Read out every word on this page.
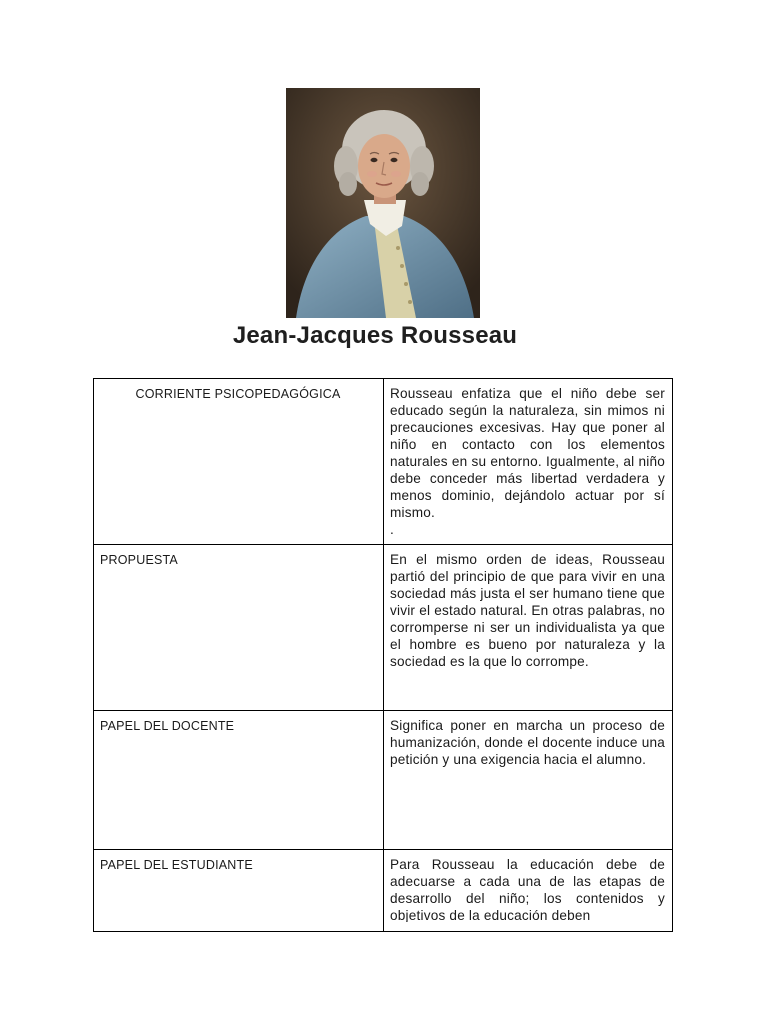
Jean-Jacques Rousseau
CORRIENTE PSICOPEDAGÓGICA	Rousseau enfatiza que el niño debe ser educado según la naturaleza, sin mimos ni precauciones excesivas. Hay que poner al niño en contacto con los elementos naturales en su entorno. Igualmente, al niño debe conceder más libertad verdadera y menos dominio, dejándolo actuar por sí mismo.
.

PROPUESTA	En el mismo orden de ideas, Rousseau partió del principio de que para vivir en una sociedad más justa el ser humano tiene que vivir el estado natural. En otras palabras, no corromperse ni ser un individualista ya que el hombre es bueno por naturaleza y la sociedad es la que lo corrompe.

PAPEL DEL DOCENTE	Significa poner en marcha un proceso de humanización, donde el docente induce una petición y una exigencia hacia el alumno.

PAPEL DEL ESTUDIANTE	Para Rousseau la educación debe de adecuarse a cada una de las etapas de desarrollo del niño; los contenidos y objetivos de la educación deben
